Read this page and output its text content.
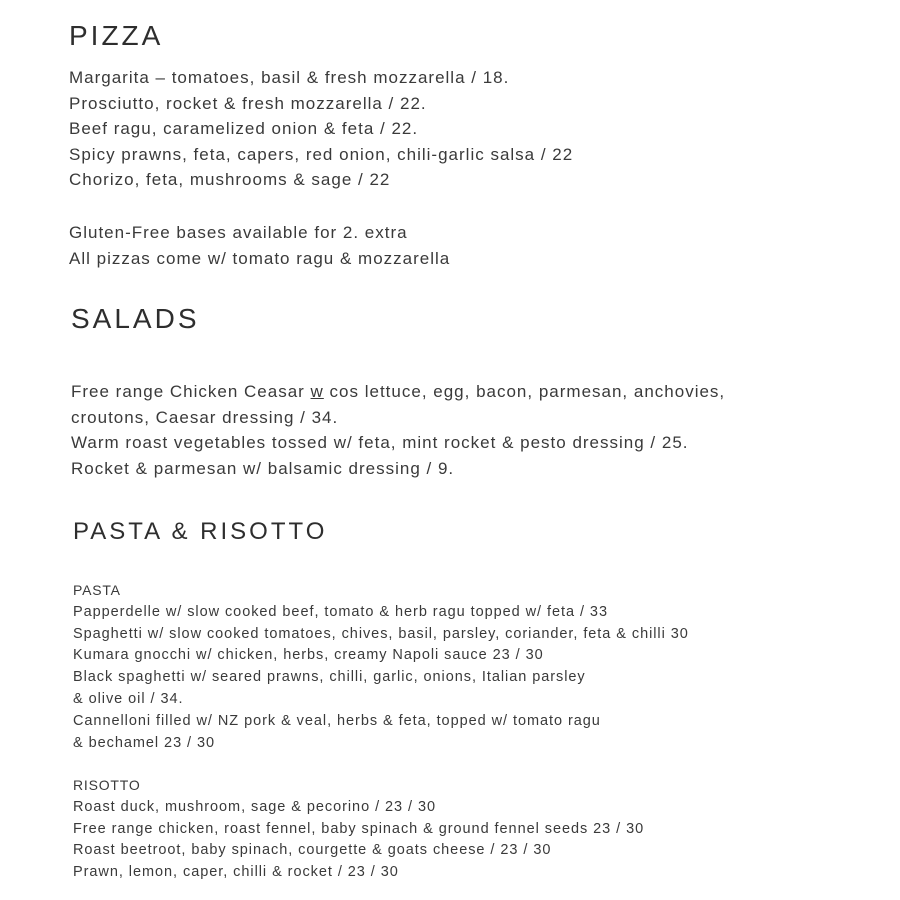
PIZZA
Margarita – tomatoes, basil & fresh mozzarella / 18.
Prosciutto, rocket & fresh mozzarella / 22.
Beef ragu, caramelized onion & feta / 22.
Spicy prawns, feta, capers, red onion, chili-garlic salsa / 22
Chorizo, feta, mushrooms & sage / 22
Gluten-Free bases available for 2. extra
All pizzas come w/ tomato ragu & mozzarella
SALADS
Free range Chicken Ceasar w cos lettuce, egg, bacon, parmesan, anchovies,
croutons, Caesar dressing / 34.
Warm roast vegetables tossed w/ feta, mint rocket & pesto dressing / 25.
Rocket & parmesan w/ balsamic dressing / 9.
PASTA & RISOTTO
PASTA
Papperdelle w/ slow cooked beef, tomato & herb ragu topped w/ feta / 33
Spaghetti w/ slow cooked tomatoes, chives, basil, parsley, coriander, feta & chilli 30
Kumara gnocchi w/ chicken, herbs, creamy Napoli sauce 23 / 30
Black spaghetti w/ seared prawns, chilli, garlic, onions, Italian parsley
& olive oil / 34.
Cannelloni filled w/ NZ pork & veal, herbs & feta, topped w/ tomato ragu
& bechamel 23 / 30
RISOTTO
Roast duck, mushroom, sage & pecorino / 23 / 30
Free range chicken, roast fennel, baby spinach & ground fennel seeds 23 / 30
Roast beetroot, baby spinach, courgette & goats cheese / 23 / 30
Prawn, lemon, caper, chilli & rocket / 23 / 30
